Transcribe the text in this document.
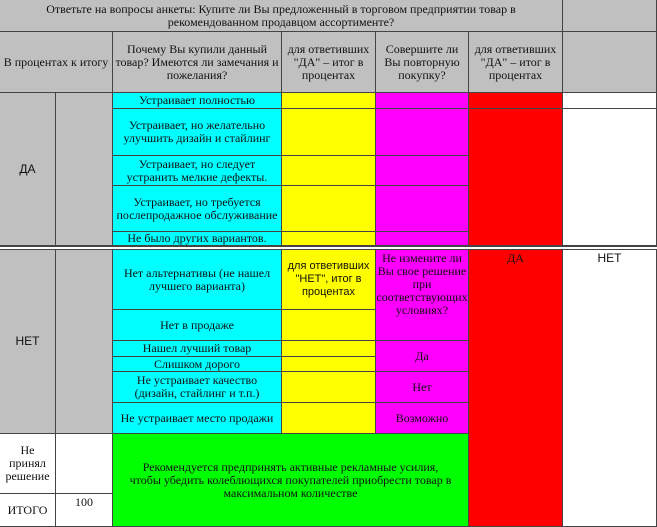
Ответьте на вопросы анкеты: Купите ли Вы предложенный в торговом предприятии товар в рекомендованном продавцом ассортименте?
В процентах к итогу
Почему Вы купили данный товар? Имеются ли замечания и пожелания?
для ответивших "ДА" – итог в процентах
Совершите ли Вы повторную покупку?
для ответивших "ДА" – итог в процентах
ДА
Устраивает полностью
Устраивает, но желательно улучшить дизайн и стайлинг
Устраивает, но следует устранить мелкие дефекты.
Устраивает, но требуется послепродажное обслуживание
Не было других вариантов.
НЕТ
Нет альтернативы (не нашел лучшего варианта)
Нет в продаже
Нашел лучший товар
Слишком дорого
Не устраивает качество (дизайн, стайлинг и т.п.)
Не устраивает место продажи
для ответивших "НЕТ", итог в процентах
Не измените ли Вы свое решение при соответствующих условиях?
Да
Нет
Возможно
ДА	НЕТ
Не принял решение
Рекомендуется предпринять активные рекламные усилия, чтобы убедить колеблющихся покупателей приобрести товар в максимальном количестве
ИТОГО
100
